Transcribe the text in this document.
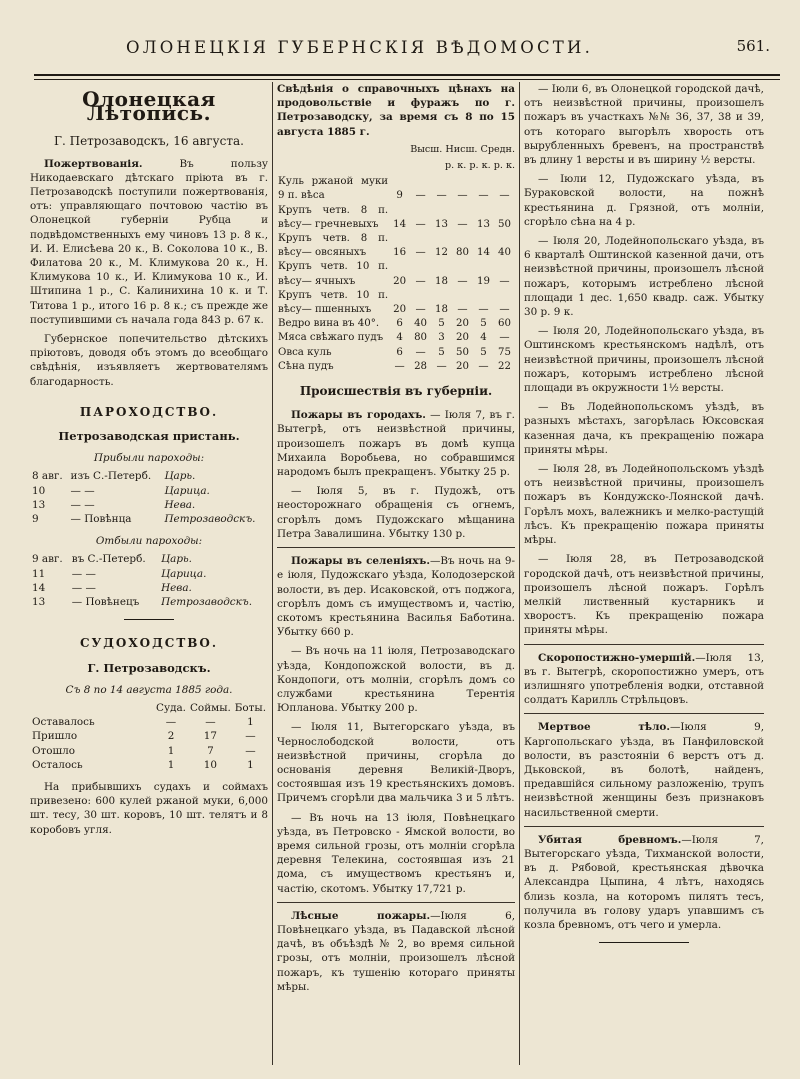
ОЛОНЕЦКІЯ ГУБЕРНСКІЯ ВѢДОМОСТИ.	561.
Олонецкая Лѣтопись.
Г. Петрозаводскъ, 16 августа.

Пожертвованія. Въ пользу Никодаевскаго дѣтскаго пріюта въ г. Петрозаводскѣ поступили пожертвованія, отъ: управляющаго почтовою частію въ Олонецкой губерніи Рубца и подвѣдомственныхъ ему чиновъ 13 р. 8 к., И. И. Елисѣева 20 к., В. Соколова 10 к., В. Филатова 20 к., М. Климукова 20 к., Н. Климукова 10 к., И. Климукова 10 к., И. Штипина 1 р., С. Калинихина 10 к. и Т. Титова 1 р., итого 16 р. 8 к.; съ прежде же поступившими съ начала года 843 р. 67 к.

Губернское попечительство дѣтскихъ пріютовъ, доводя объ этомъ до всеобщаго свѣдѣнія, изъявляетъ жертвователямъ благодарность.

ПАРОХОДСТВО.
Петрозаводская пристань.
Прибыли пароходы:
8 авг.	изъ С.-Петерб.	Царь.
10	— —	Царица.
13	— —	Нева.
9	— Повѣнца	Петрозаводскъ.
Отбыли пароходы:
9 авг.	въ С.-Петерб.	Царь.
11	— —	Царица.
14	— —	Нева.
13	— Повѣнецъ	Петрозаводскъ.
СУДОХОДСТВО.
Г. Петрозаводскъ.
Съ 8 по 14 августа 1885 года.
	Суда.	Соймы.	Боты.
Оставалось	—	—	1
Пришло	2	17	—
Отошло	1	7	—
Осталось	1	10	1

На прибывшихъ судахъ и соймахъ привезено: 600 кулей ржаной муки, 6,000 шт. тесу, 30 шт. коровъ, 10 шт. телятъ и 8 коробовъ угля.

Свѣдѣнія о справочныхъ цѣнахъ на продовольствіе и фуражъ по г. Петрозаводску, за время съ 8 по 15 августа 1885 г.

Высш. Нисш. Средн.
р. к. р. к. р. к.
Куль ржаной муки 9 п. вѣса	9	—	—	—	—	—
Крупъ четв. 8 п. вѣсу— гречневыхъ	14	—	13	—	13	50
Крупъ четв. 8 п. вѣсу— овсяныхъ	16	—	12	80	14	40
Крупъ четв. 10 п. вѣсу— ячныхъ	20	—	18	—	19	—
Крупъ четв. 10 п. вѣсу— пшенныхъ	20	—	18	—	—	—
Ведро вина въ 40°.	6	40	5	20	5	60
Мяса свѣжаго пудъ	4	80	3	20	4	—
Овса куль	6	—	5	50	5	75
Сѣна пудъ	—	28	—	20	—	22
Происшествія въ губерніи.

Пожары въ городахъ. — Іюля 7, въ г. Вытегрѣ, отъ неизвѣстной причины, произошелъ пожаръ въ домѣ купца Михаила Воробьева, но собравшимся народомъ былъ прекращенъ. Убытку 25 р.

— Іюля 5, въ г. Пудожѣ, отъ неосторожнаго обращенія съ огнемъ, сгорѣлъ домъ Пудожскаго мѣщанина Петра Завалишина. Убытку 130 р.

Пожары въ селеніяхъ.—Въ ночь на 9-е іюля, Пудожскаго уѣзда, Колодозерской волости, въ дер. Исаковской, отъ поджога, сгорѣлъ домъ съ имуществомъ и, частію, скотомъ крестьянина Василья Баботина. Убытку 660 р.

— Въ ночь на 11 іюля, Петрозаводскаго уѣзда, Кондопожской волости, въ д. Кондопоги, отъ молніи, сгорѣлъ домъ со службами крестьянина Терентія Юпланова. Убытку 200 р.

— Іюля 11, Вытегорскаго уѣзда, въ Чернослободской волости, отъ неизвѣстной причины, сгорѣла до основанія деревня Великій-Дворъ, состоявшая изъ 19 крестьянскихъ домовъ. Причемъ сгорѣли два мальчика 3 и 5 лѣтъ.

— Въ ночь на 13 іюля, Повѣнецкаго уѣзда, въ Петровско - Ямской волости, во время сильной грозы, отъ молніи сгорѣла деревня Телекина, состоявшая изъ 21 дома, съ имуществомъ крестьянъ и, частію, скотомъ. Убытку 17,721 р.

Лѣсные пожары.—Іюля 6, Повѣнецкаго уѣзда, въ Падавской лѣсной дачѣ, въ объѣздѣ № 2, во время сильной грозы, отъ молніи, произошелъ лѣсной пожаръ, къ тушенію котораго приняты мѣры.

— Іюли 6, въ Олонецкой городской дачѣ, отъ неизвѣстной причины, произошелъ пожаръ въ участкахъ №№ 36, 37, 38 и 39, отъ котораго выгорѣлъ хворость отъ вырубленныхъ бревенъ, на пространствѣ въ длину 1 версты и въ ширину ½ версты.

— Іюли 12, Пудожскаго уѣзда, въ Бураковской волости, на пожнѣ крестьянина д. Грязной, отъ молніи, сгорѣло сѣна на 4 р.

— Іюля 20, Лодейнопольскаго уѣзда, въ 6 кварталѣ Оштинской казенной дачи, отъ неизвѣстной причины, произошелъ лѣсной пожаръ, которымъ истреблено лѣсной площади 1 дес. 1,650 квадр. саж. Убытку 30 р. 9 к.

— Іюля 20, Лодейнопольскаго уѣзда, въ Оштинскомъ крестьянскомъ надѣлѣ, отъ неизвѣстной причины, произошелъ лѣсной пожаръ, которымъ истреблено лѣсной площади въ окружности 1½ версты.

— Въ Лодейнопольскомъ уѣздѣ, въ разныхъ мѣстахъ, загорѣлась Юксовская казенная дача, къ прекращенію пожара приняты мѣры.

— Іюля 28, въ Лодейнопольскомъ уѣздѣ отъ неизвѣстной причины, произошелъ пожаръ въ Кондужско-Лоянской дачѣ. Горѣлъ мохъ, валежникъ и мелко-растущій лѣсъ. Къ прекращенію пожара приняты мѣры.

— Іюля 28, въ Петрозаводской городской дачѣ, отъ неизвѣстной причины, произошелъ лѣсной пожаръ. Горѣлъ мелкій лиственный кустарникъ и хворостъ. Къ прекращенію пожара приняты мѣры.

Скоропостижно-умершій.—Іюля 13, въ г. Вытегрѣ, скоропостижно умеръ, отъ излишняго употребленія водки, отставной солдатъ Карилль Стрѣльцовъ.

Мертвое тѣло.—Іюля 9, Каргопольскаго уѣзда, въ Панфиловской волости, въ разстояніи 6 верстъ отъ д. Дьковской, въ болотѣ, найденъ, предавшійся сильному разложенію, трупъ неизвѣстной женщины безъ признаковъ насильственной смерти.

Убитая бревномъ.—Іюля 7, Вытегорскаго уѣзда, Тихманской волости, въ д. Рябовой, крестьянская дѣвочка Александра Цыпина, 4 лѣтъ, находясь близь козла, на которомъ пилятъ тесъ, получила въ голову ударъ упавшимъ съ козла бревномъ, отъ чего и умерла.
